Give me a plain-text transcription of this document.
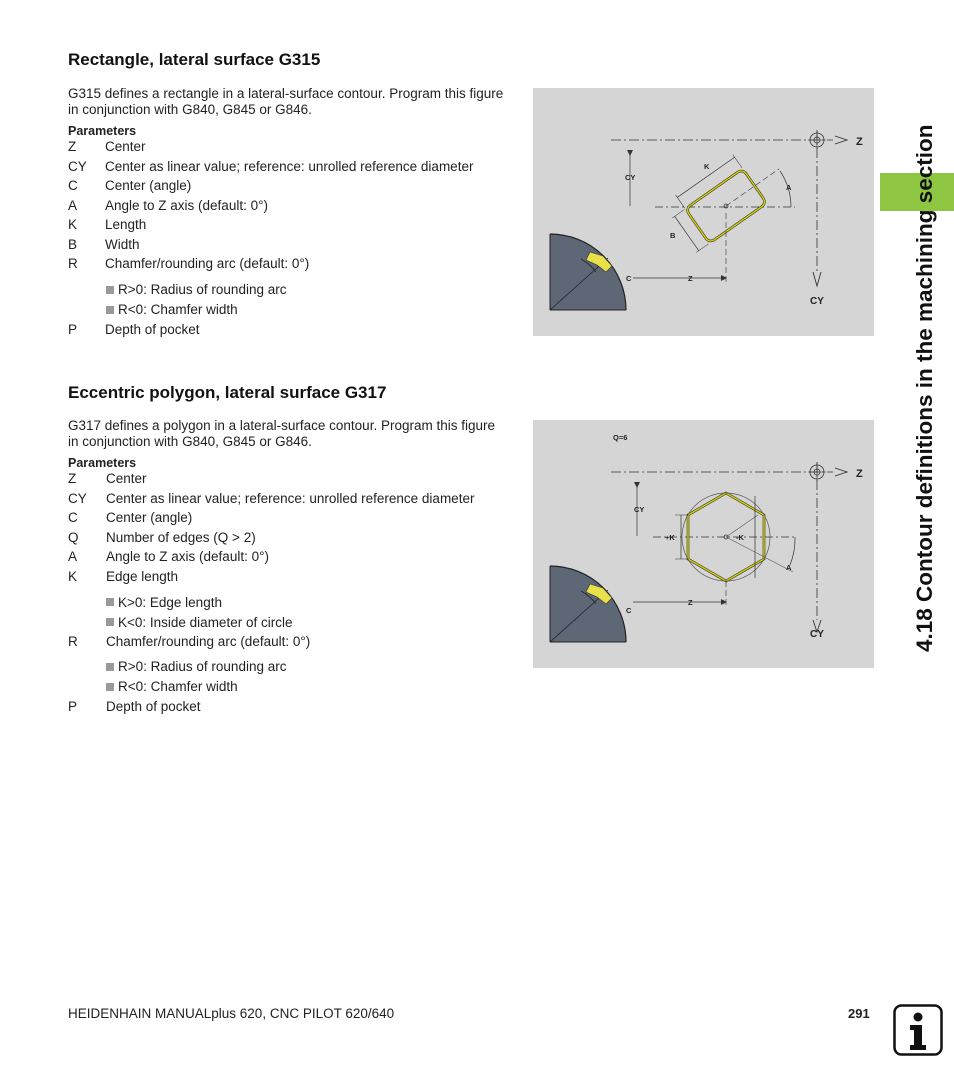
Rectangle, lateral surface G315

G315 defines a rectangle in a lateral-surface contour. Program this figure in conjunction with G840, G845 or G846.

Parameters

Z	Center
CY	Center as linear value; reference: unrolled reference diameter
C	Center (angle)
A	Angle to Z axis (default: 0°)
K	Length
B	Width
R	Chamfer/rounding arc (default: 0°)
R>0: Radius of rounding arc
R<0: Chamfer width
P	Depth of pocket
K
A
CY
B
C	Z
Z
CY
Eccentric polygon, lateral surface G317

G317 defines a polygon in a lateral-surface contour. Program this figure in conjunction with G840, G845 or G846.

Parameters

Z	Center
CY	Center as linear value; reference: unrolled reference diameter
C	Center (angle)
Q	Number of edges (Q > 2)
A	Angle to Z axis (default: 0°)
K	Edge length
K>0: Edge length
K<0: Inside diameter of circle
R	Chamfer/rounding arc (default: 0°)
R>0: Radius of rounding arc
R<0: Chamfer width
P	Depth of pocket
Q=6
CY
+K	-K
A
C
Z
Z
CY	4.18 Contour definitions in the machining section
HEIDENHAIN MANUALplus 620, CNC PILOT 620/640	291
